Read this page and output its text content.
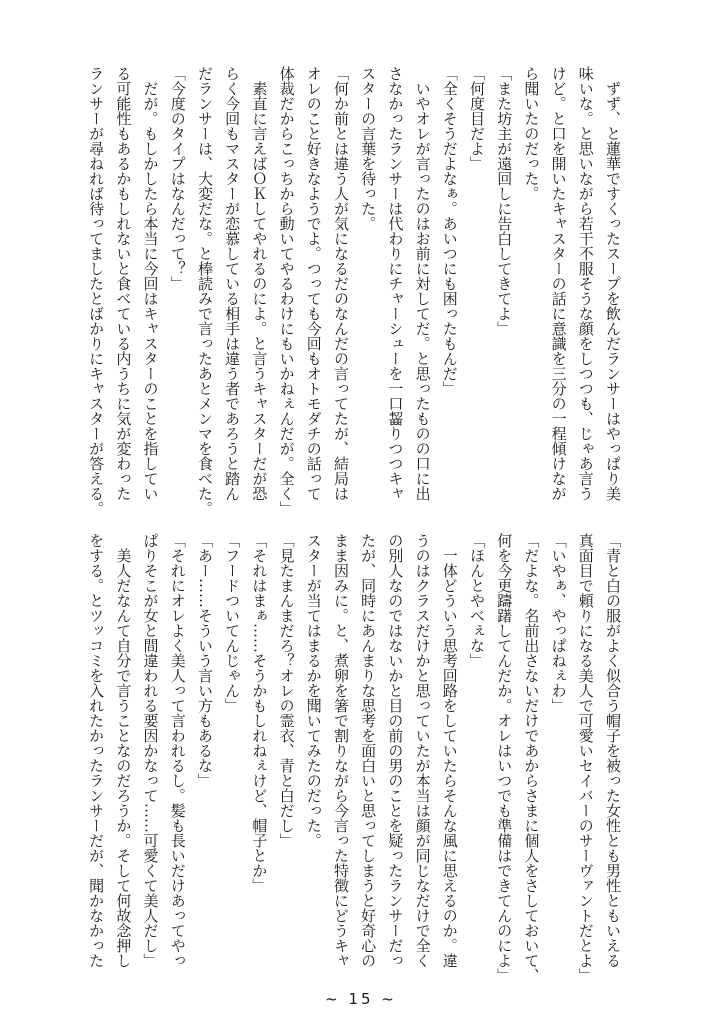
　ずず、と蓮華ですくったスープを飲んだランサーはやっぱり美
味いな。と思いながら若干不服そうな顔をしつつも、じゃあ言う
けど。と口を開いたキャスターの話に意識を三分の一程傾けなが
ら聞いたのだった。
「また坊主が遠回しに告白してきてよ」
「何度目だよ」
「全くそうだよなぁ。あいつにも困ったもんだ」
　いやオレが言ったのはお前に対してだ。と思ったものの口に出
さなかったランサーは代わりにチャーシューを一口齧りつつキャ
スターの言葉を待った。
「何か前とは違う人が気になるだのなんだの言ってたが、結局は
オレのこと好きなようでよ。つっても今回もオトモダチの話って
体裁だからこっちから動いてやるわけにもいかねぇんだが。全く」
　素直に言えばＯＫしてやれるのによ。と言うキャスターだが恐
らく今回もマスターが恋慕している相手は違う者であろうと踏ん
だランサーは、大変だな。と棒読みで言ったあとメンマを食べた。
「今度のタイプはなんだって？」
　だが。もしかしたら本当に今回はキャスターのことを指してい
る可能性もあるかもしれないと食べている内うちに気が変わった
ランサーが尋ねれば待ってましたとばかりにキャスターが答える。
「青と白の服がよく似合う帽子を被った女性とも男性ともいえる
真面目で頼りになる美人で可愛いセイバーのサーヴァントだとよ」
「いやぁ、やっぱねぇわ」
「だよな。名前出さないだけであからさまに個人をさしておいて、
何を今更躊躇してんだか。オレはいつでも準備はできてんのによ」
「ほんとやべぇな」
　一体どういう思考回路をしていたらそんな風に思えるのか。違
うのはクラスだけかと思っていたが本当は顔が同じなだけで全く
の別人なのではないかと目の前の男のことを疑ったランサーだっ
たが、同時にあんまりな思考を面白いと思ってしまうと好奇心の
まま因みに。と、煮卵を箸で割りながら今言った特徴にどうキャ
スターが当てはまるかを聞いてみたのだった。
「見たまんまだろ？オレの霊衣、青と白だし」
「それはまぁ……そうかもしれねぇけど、帽子とか」
「フードついてんじゃん」
「あー……そういう言い方もあるな」
「それにオレよく美人って言われるし。髪も長いだけあってやっ
ぱりそこが女と間違われる要因かなって……可愛くて美人だし」
　美人だなんて自分で言うことなのだろうか。そして何故念押し
をする。とツッコミを入れたかったランサーだが、聞かなかった
~ 15 ~
